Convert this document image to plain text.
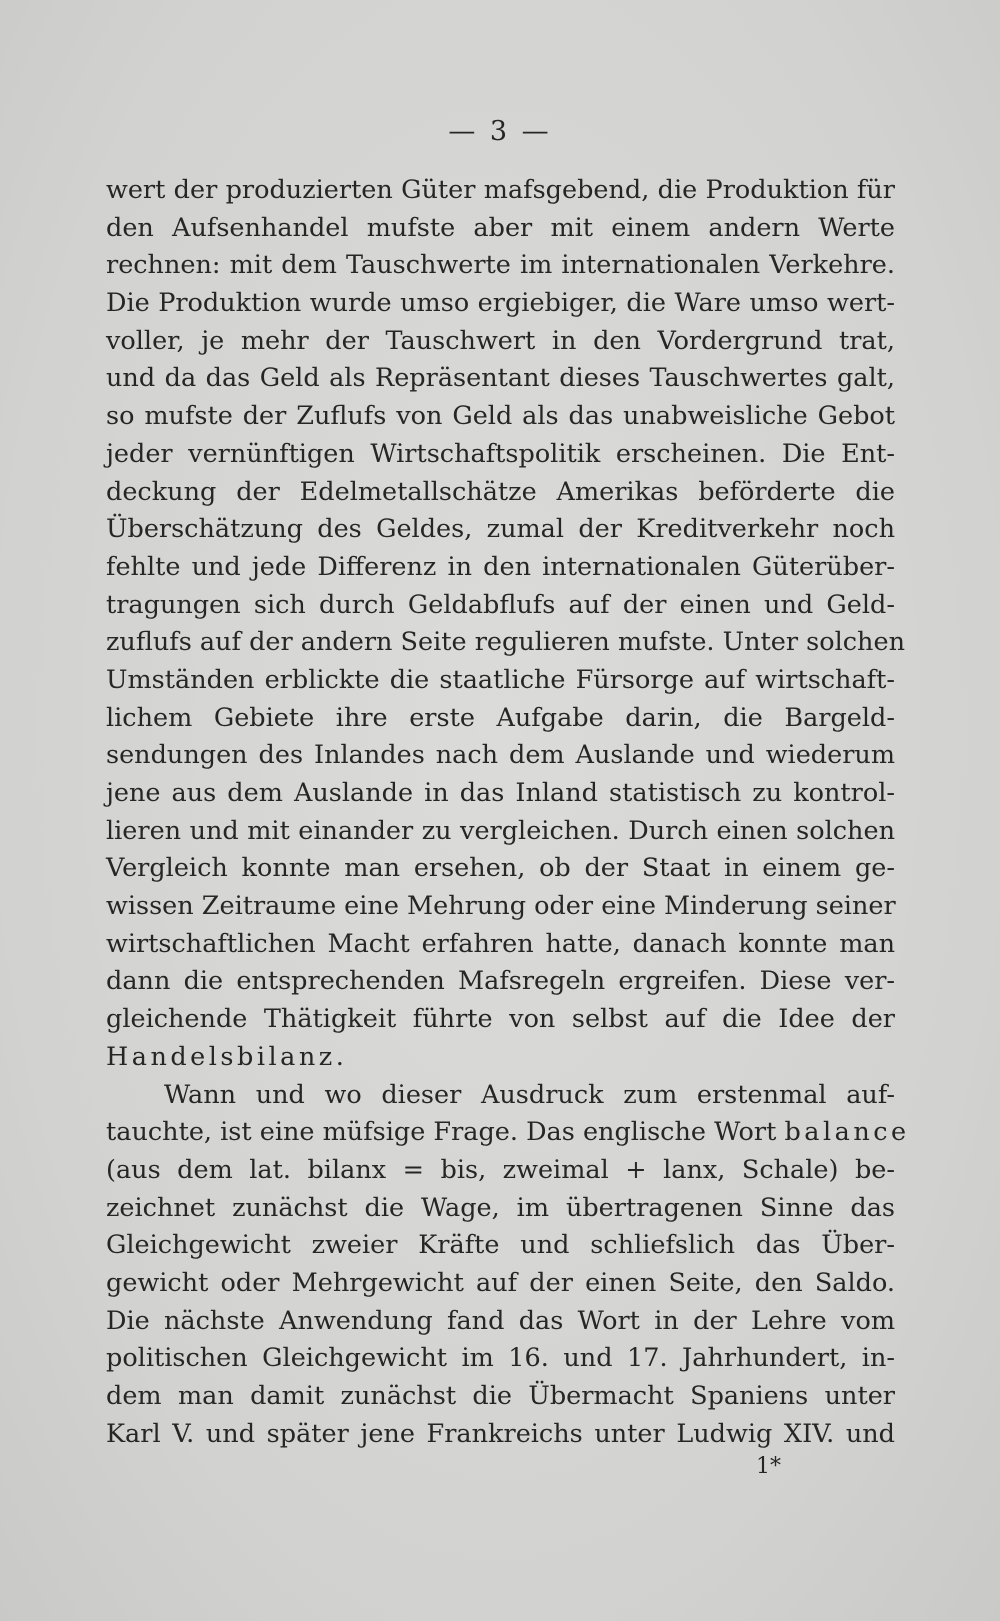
— 3 —
wert der produzierten Güter mafsgebend, die Produktion für
den Aufsenhandel mufste aber mit einem andern Werte
rechnen: mit dem Tauschwerte im internationalen Verkehre.
Die Produktion wurde umso ergiebiger, die Ware umso wert-
voller, je mehr der Tauschwert in den Vordergrund trat,
und da das Geld als Repräsentant dieses Tauschwertes galt,
so mufste der Zuflufs von Geld als das unabweisliche Gebot
jeder vernünftigen Wirtschaftspolitik erscheinen. Die Ent-
deckung der Edelmetallschätze Amerikas beförderte die
Überschätzung des Geldes, zumal der Kreditverkehr noch
fehlte und jede Differenz in den internationalen Güterüber-
tragungen sich durch Geldabflufs auf der einen und Geld-
zuflufs auf der andern Seite regulieren mufste. Unter solchen
Umständen erblickte die staatliche Fürsorge auf wirtschaft-
lichem Gebiete ihre erste Aufgabe darin, die Bargeld-
sendungen des Inlandes nach dem Auslande und wiederum
jene aus dem Auslande in das Inland statistisch zu kontrol-
lieren und mit einander zu vergleichen. Durch einen solchen
Vergleich konnte man ersehen, ob der Staat in einem ge-
wissen Zeitraume eine Mehrung oder eine Minderung seiner
wirtschaftlichen Macht erfahren hatte, danach konnte man
dann die entsprechenden Mafsregeln ergreifen. Diese ver-
gleichende Thätigkeit führte von selbst auf die Idee der
Handelsbilanz.
Wann und wo dieser Ausdruck zum erstenmal auf-
tauchte, ist eine müfsige Frage. Das englische Wort balance
(aus dem lat. bilanx = bis, zweimal + lanx, Schale) be-
zeichnet zunächst die Wage, im übertragenen Sinne das
Gleichgewicht zweier Kräfte und schliefslich das Über-
gewicht oder Mehrgewicht auf der einen Seite, den Saldo.
Die nächste Anwendung fand das Wort in der Lehre vom
politischen Gleichgewicht im 16. und 17. Jahrhundert, in-
dem man damit zunächst die Übermacht Spaniens unter
Karl V. und später jene Frankreichs unter Ludwig XIV. und
1*
